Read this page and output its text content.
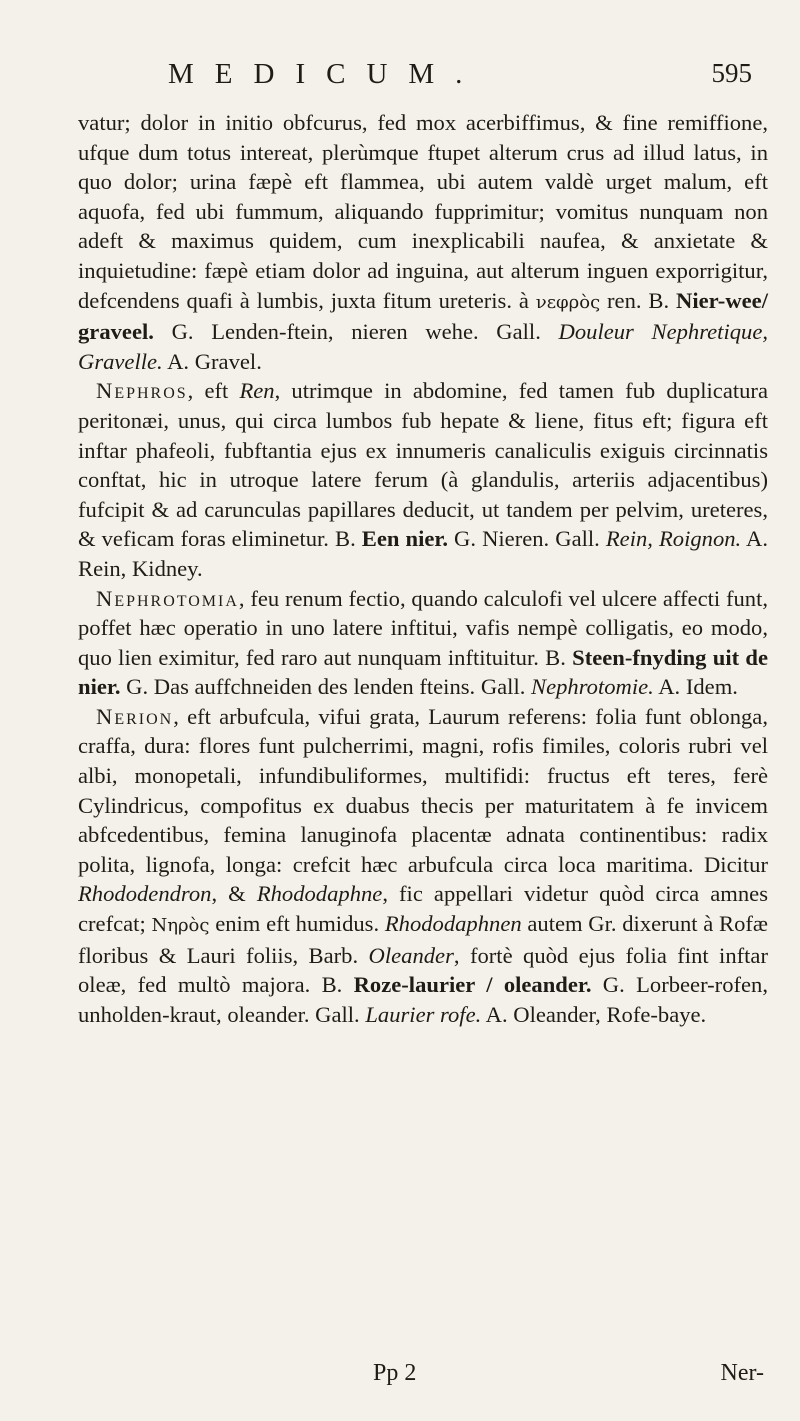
MEDICUM.	595

vatur; dolor in initio obfcurus, fed mox acerbiffimus, & fine remiffione, ufque dum totus intereat, plerùmque ftupet alterum crus ad illud latus, in quo dolor; urina fæpè eft flammea, ubi autem valdè urget malum, eft aquofa, fed ubi fummum, aliquando fupprimitur; vomitus nunquam non adeft & maximus quidem, cum inexplicabili naufea, & anxietate & inquietudine: fæpè etiam dolor ad inguina, aut alterum inguen exporrigitur, defcendens quafi à lumbis, juxta fitum ureteris. à νεφρὸς ren. B. Nier-wee/ graveel. G. Lenden-ftein, nieren wehe. Gall. Douleur Nephretique, Gravelle. A. Gravel.

Nephros, eft Ren, utrimque in abdomine, fed tamen fub duplicatura peritonæi, unus, qui circa lumbos fub hepate & liene, fitus eft; figura eft inftar phafeoli, fubftantia ejus ex innumeris canaliculis exiguis circinnatis conftat, hic in utroque latere ferum (à glandulis, arteriis adjacentibus) fufcipit & ad carunculas papillares deducit, ut tandem per pelvim, ureteres, & veficam foras eliminetur. B. Een nier. G. Nieren. Gall. Rein, Roignon. A. Rein, Kidney.

Nephrotomia, feu renum fectio, quando calculofi vel ulcere affecti funt, poffet hæc operatio in uno latere inftitui, vafis nempè colligatis, eo modo, quo lien eximitur, fed raro aut nunquam inftituitur. B. Steen-fnyding uit de nier. G. Das auffchneiden des lenden fteins. Gall. Nephrotomie. A. Idem.

Nerion, eft arbufcula, vifui grata, Laurum referens: folia funt oblonga, craffa, dura: flores funt pulcherrimi, magni, rofis fimiles, coloris rubri vel albi, monopetali, infundibuliformes, multifidi: fructus eft teres, ferè Cylindricus, compofitus ex duabus thecis per maturitatem à fe invicem abfcedentibus, femina lanuginofa placentæ adnata continentibus: radix polita, lignofa, longa: crefcit hæc arbufcula circa loca maritima. Dicitur Rhododendron, & Rhododaphne, fic appellari videtur quòd circa amnes crefcat; Νηρὸς enim eft humidus. Rhododaphnen autem Gr. dixerunt à Rofæ floribus & Lauri foliis, Barb. Oleander, fortè quòd ejus folia fint inftar oleæ, fed multò majora. B. Roze-laurier / oleander. G. Lorbeer-rofen, unholden-kraut, oleander. Gall. Laurier rofe. A. Oleander, Rofe-baye.

Pp 2	Ner-
